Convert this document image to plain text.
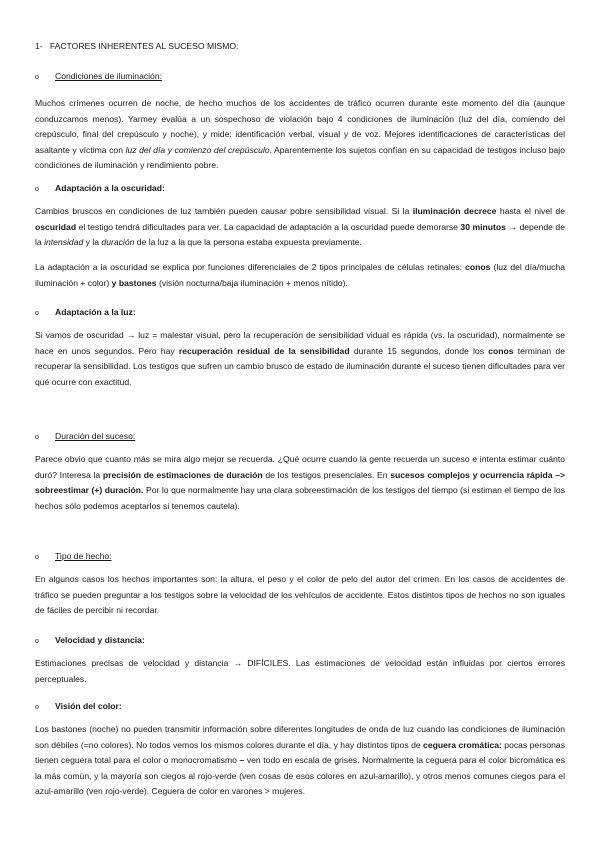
1- FACTORES INHERENTES AL SUCESO MISMO:
o Condiciones de iluminación:

Muchos crímenes ocurren de noche, de hecho muchos de los accidentes de tráfico ocurren durante este momento del día (aunque conduzcamos menos). Yarmey evalúa a un sospechoso de violación bajo 4 condiciones de iluminación (luz del día, comiendo del crepúsculo, final del crepúsculo y noche), y mide: identificación verbal, visual y de voz. Mejores identificaciones de características del asaltante y víctima con luz del día y comienzo del crepúsculo. Aparentemente los sujetos confían en su capacidad de testigos incluso bajo condiciones de iluminación y rendimiento pobre.

o Adaptación a la oscuridad:

Cambios bruscos en condiciones de luz también pueden causar pobre sensibilidad visual. Si la iluminación decrece hasta el nivel de oscuridad el testigo tendrá dificultades para ver. La capacidad de adaptación a la oscuridad puede demorarse 30 minutos → depende de la intensidad y la duración de la luz a la que la persona estaba expuesta previamente.

La adaptación a la oscuridad se explica por funciones diferenciales de 2 tipos principales de células retinales: conos (luz del día/mucha iluminación + color) y bastones (visión nocturna/baja iluminación + menos nítido).

o Adaptación a la luz:

Si vamos de oscuridad → luz = malestar visual, pero la recuperación de sensibilidad vidual es rápida (vs. la oscuridad), normalmente se hace en unos segundos. Pero hay recuperación residual de la sensibilidad durante 15 segundos, donde los conos terminan de recuperar la sensibilidad. Los testigos que sufren un cambio brusco de estado de iluminación durante el suceso tienen dificultades para ver qué ocurre con exactitud.

o Duración del suceso:

Parece obvio que cuanto más se mira algo mejor se recuerda. ¿Qué ocurre cuando la gente recuerda un suceso e intenta estimar cuánto duró? Interesa la precisión de estimaciones de duración de los testigos presenciales. En sucesos complejos y ocurrencia rápida –> sobreestimar (+) duración. Por lo que normalmente hay una clara sobreestimación de los testigos del tiempo (si estiman el tiempo de los hechos sólo podemos aceptarlos si tenemos cautela).

o Tipo de hecho:

En algunos casos los hechos importantes son: la altura, el peso y el color de pelo del autor del crimen. En los casos de accidentes de tráfico se pueden preguntar a los testigos sobre la velocidad de los vehículos de accidente. Estos distintos tipos de hechos no son iguales de fáciles de percibir ni recordar.

o Velocidad y distancia:

Estimaciones precisas de velocidad y distancia → DIFÍCILES. Las estimaciones de velocidad están influidas por ciertos errores perceptuales.

o Visión del color:

Los bastones (noche) no pueden transmitir información sobre diferentes longitudes de onda de luz cuando las condiciones de iluminación son débiles (=no colores). No todos vemos los mismos colores durante el día, y hay distintos tipos de ceguera cromática: pocas personas tienen ceguera total para el color o monocromatismo – ven todo en escala de grises. Normalmente la ceguera para el color bicromática es la más común, y la mayoría son ciegos al rojo-verde (ven cosas de esos colores en azul-amarillo), y otros menos comunes ciegos para el azul-amarillo (ven rojo-verde). Ceguera de color en varones > mujeres.
